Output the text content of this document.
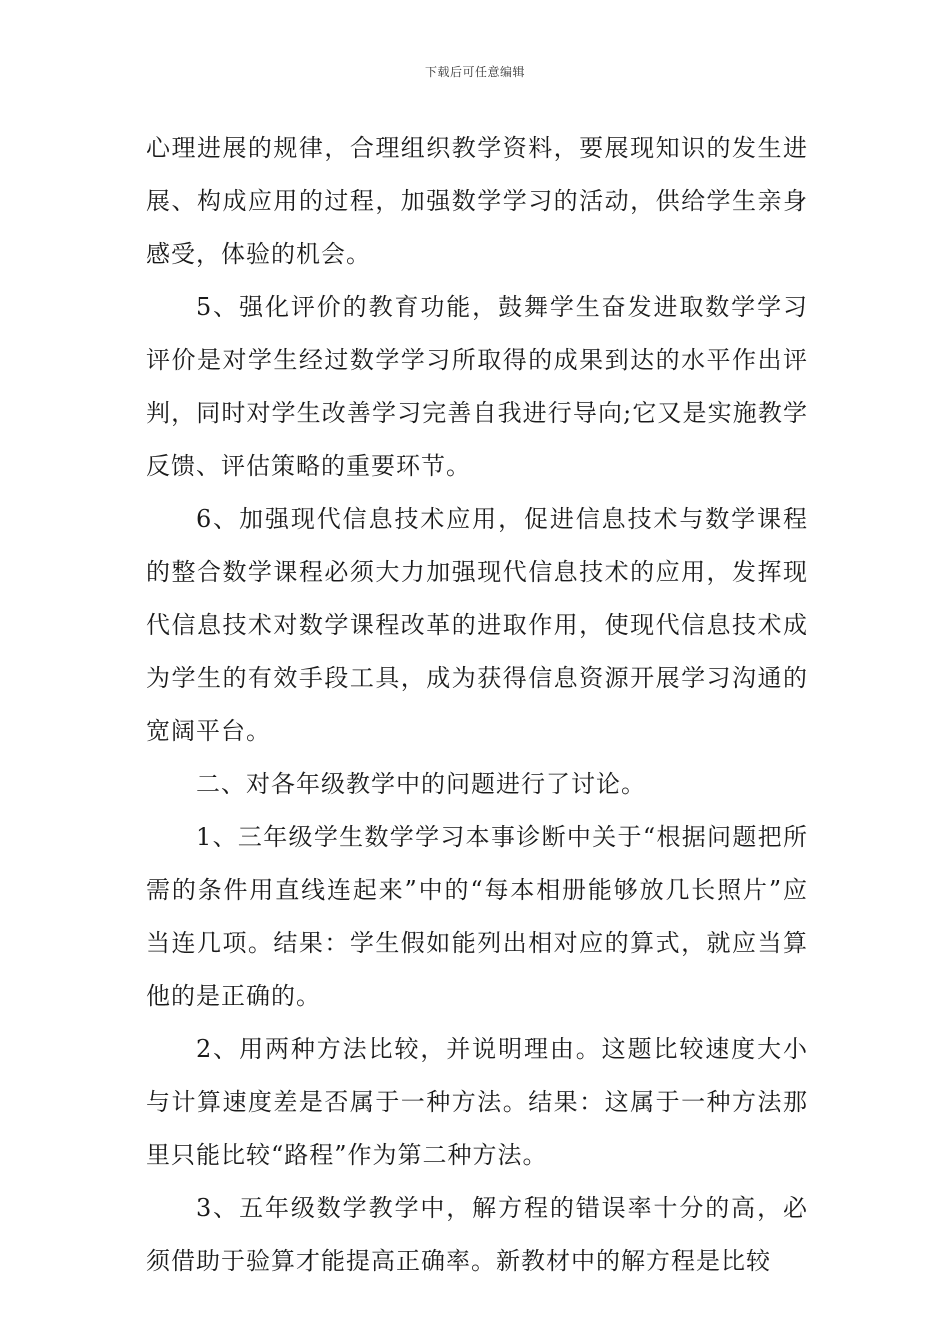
下载后可任意编辑

心理进展的规律，合理组织教学资料，要展现知识的发生进展、构成应用的过程，加强数学学习的活动，供给学生亲身感受，体验的机会。

5、强化评价的教育功能，鼓舞学生奋发进取数学学习评价是对学生经过数学学习所取得的成果到达的水平作出评判，同时对学生改善学习完善自我进行导向;它又是实施教学反馈、评估策略的重要环节。

6、加强现代信息技术应用，促进信息技术与数学课程的整合数学课程必须大力加强现代信息技术的应用，发挥现代信息技术对数学课程改革的进取作用，使现代信息技术成为学生的有效手段工具，成为获得信息资源开展学习沟通的宽阔平台。

二、对各年级教学中的问题进行了讨论。

1、三年级学生数学学习本事诊断中关于“根据问题把所需的条件用直线连起来”中的“每本相册能够放几长照片”应当连几项。结果：学生假如能列出相对应的算式，就应当算他的是正确的。

2、用两种方法比较，并说明理由。这题比较速度大小与计算速度差是否属于一种方法。结果：这属于一种方法那里只能比较“路程”作为第二种方法。

3、五年级数学教学中，解方程的错误率十分的高，必须借助于验算才能提高正确率。新教材中的解方程是比较
